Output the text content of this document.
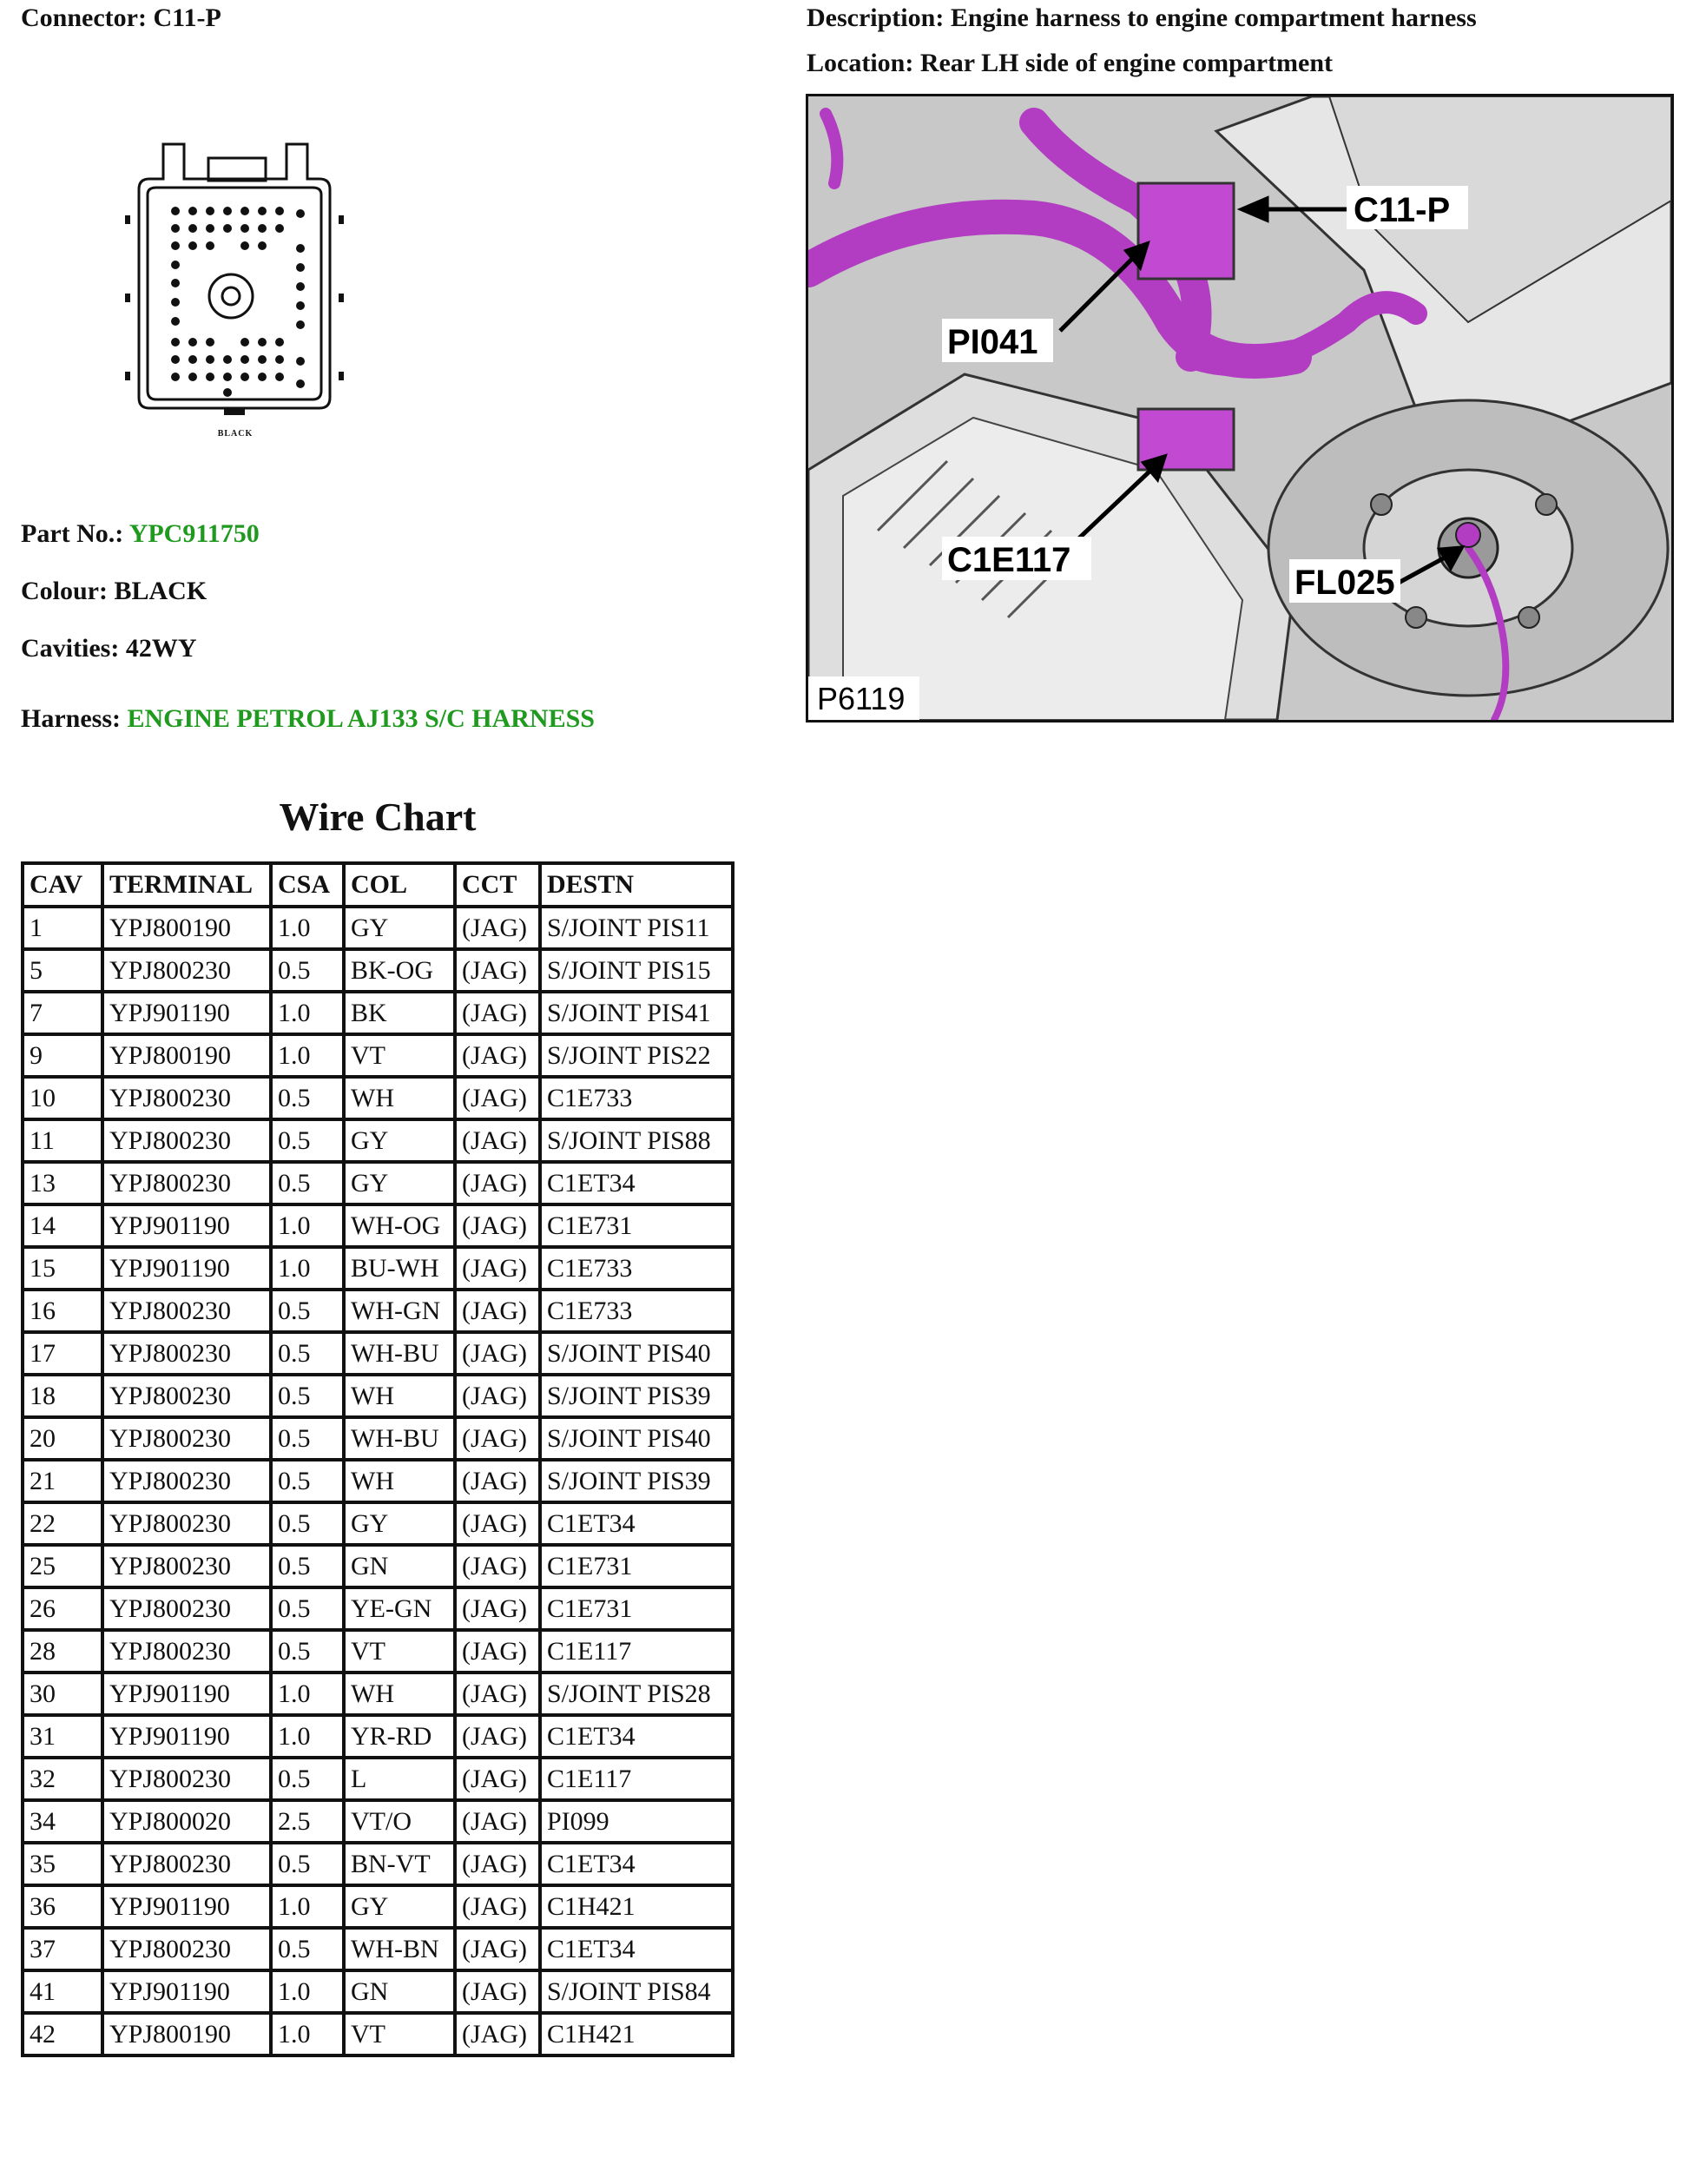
Connector: C11-P	Description: Engine harness to engine compartment harness
Location: Rear LH side of engine compartment
BLACK
Part No.: YPC911750
Colour: BLACK
Cavities: 42WY
Harness: ENGINE PETROL AJ133 S/C HARNESS
C11-P
PI041
C1E117
FL025
P6119
Wire Chart
CAV	TERMINAL	CSA	COL	CCT	DESTN
1	YPJ800190	1.0	GY	(JAG)	S/JOINT PIS11
5	YPJ800230	0.5	BK-OG	(JAG)	S/JOINT PIS15
7	YPJ901190	1.0	BK	(JAG)	S/JOINT PIS41
9	YPJ800190	1.0	VT	(JAG)	S/JOINT PIS22
10	YPJ800230	0.5	WH	(JAG)	C1E733
11	YPJ800230	0.5	GY	(JAG)	S/JOINT PIS88
13	YPJ800230	0.5	GY	(JAG)	C1ET34
14	YPJ901190	1.0	WH-OG	(JAG)	C1E731
15	YPJ901190	1.0	BU-WH	(JAG)	C1E733
16	YPJ800230	0.5	WH-GN	(JAG)	C1E733
17	YPJ800230	0.5	WH-BU	(JAG)	S/JOINT PIS40
18	YPJ800230	0.5	WH	(JAG)	S/JOINT PIS39
20	YPJ800230	0.5	WH-BU	(JAG)	S/JOINT PIS40
21	YPJ800230	0.5	WH	(JAG)	S/JOINT PIS39
22	YPJ800230	0.5	GY	(JAG)	C1ET34
25	YPJ800230	0.5	GN	(JAG)	C1E731
26	YPJ800230	0.5	YE-GN	(JAG)	C1E731
28	YPJ800230	0.5	VT	(JAG)	C1E117
30	YPJ901190	1.0	WH	(JAG)	S/JOINT PIS28
31	YPJ901190	1.0	YR-RD	(JAG)	C1ET34
32	YPJ800230	0.5	L	(JAG)	C1E117
34	YPJ800020	2.5	VT/O	(JAG)	PI099
35	YPJ800230	0.5	BN-VT	(JAG)	C1ET34
36	YPJ901190	1.0	GY	(JAG)	C1H421
37	YPJ800230	0.5	WH-BN	(JAG)	C1ET34
41	YPJ901190	1.0	GN	(JAG)	S/JOINT PIS84
42	YPJ800190	1.0	VT	(JAG)	C1H421
